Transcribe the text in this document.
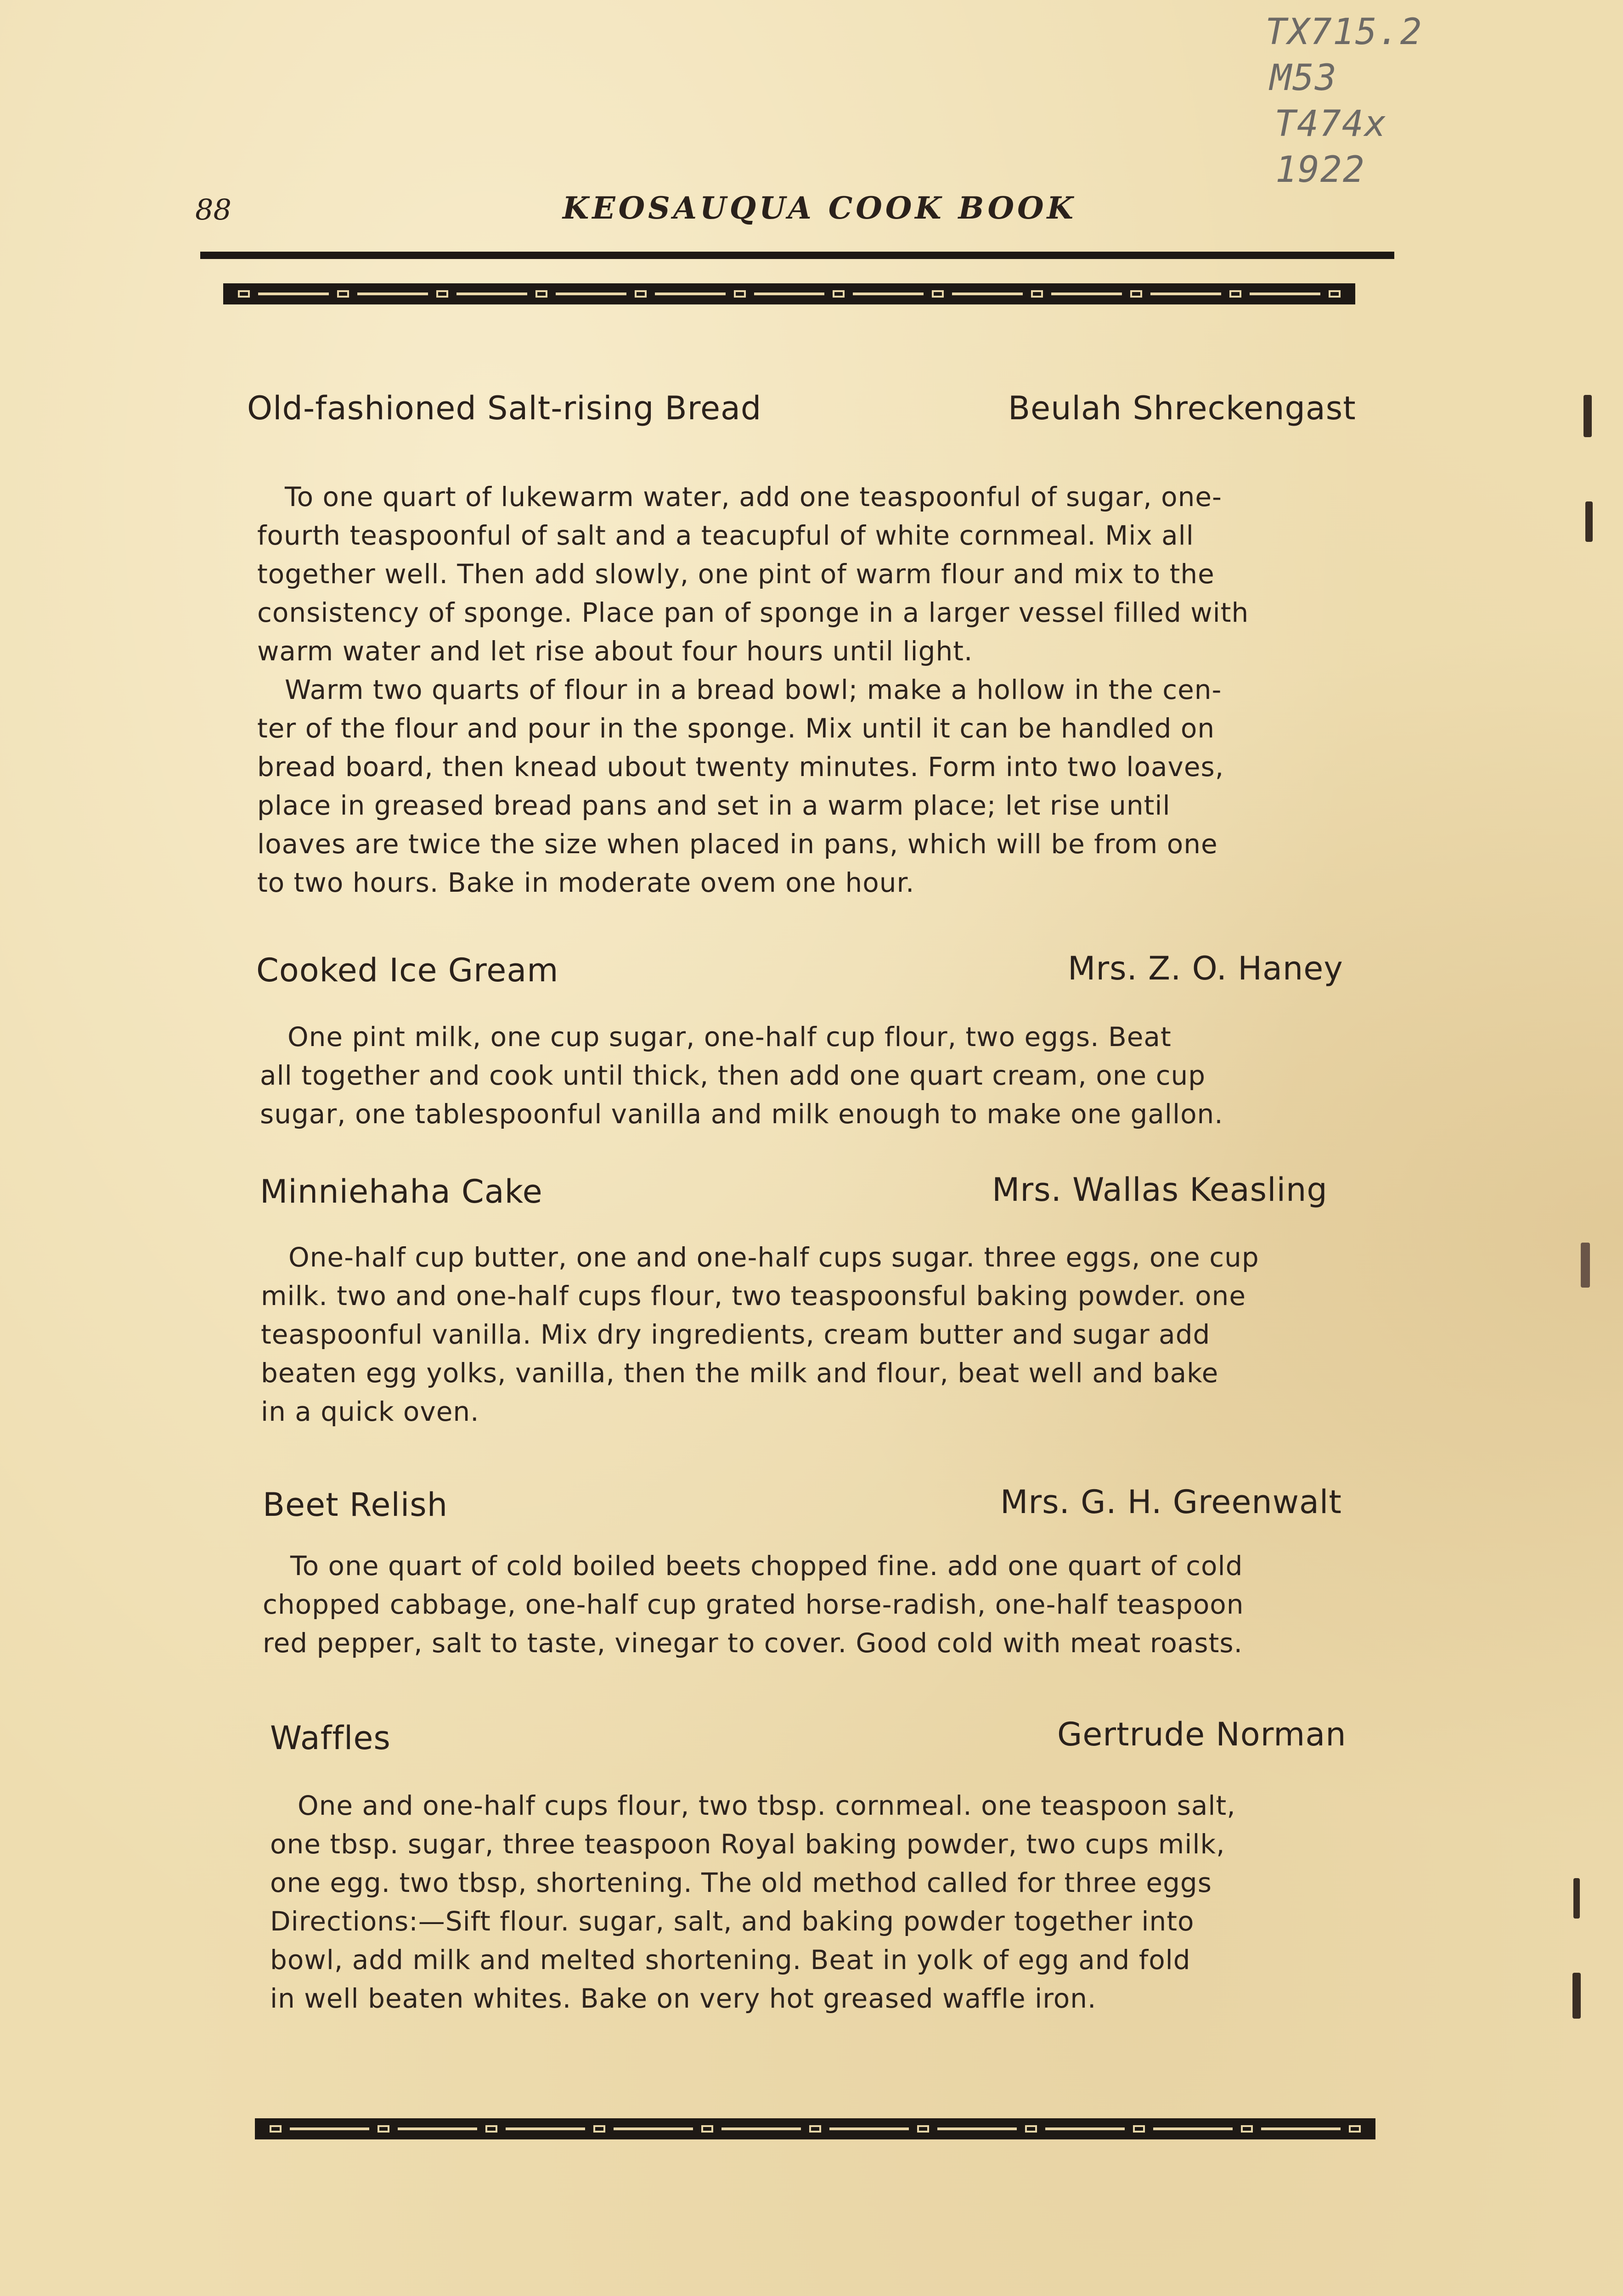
TX715.2
M53
T474x
1922
88	KEOSAUQUA COOK BOOK
Old-fashioned Salt-rising Bread	Beulah Shreckengast
To one quart of lukewarm water, add one teaspoonful of sugar, one-
fourth teaspoonful of salt and a teacupful of white cornmeal. Mix all
together well. Then add slowly, one pint of warm flour and mix to the
consistency of sponge. Place pan of sponge in a larger vessel filled with
warm water and let rise about four hours until light.
Warm two quarts of flour in a bread bowl; make a hollow in the cen-
ter of the flour and pour in the sponge. Mix until it can be handled on
bread board, then knead ubout twenty minutes. Form into two loaves,
place in greased bread pans and set in a warm place; let rise until
loaves are twice the size when placed in pans, which will be from one
to two hours. Bake in moderate ovem one hour.
Cooked Ice Gream	Mrs. Z. O. Haney
One pint milk, one cup sugar, one-half cup flour, two eggs. Beat
all together and cook until thick, then add one quart cream, one cup
sugar, one tablespoonful vanilla and milk enough to make one gallon.
Minniehaha Cake	Mrs. Wallas Keasling
One-half cup butter, one and one-half cups sugar. three eggs, one cup
milk. two and one-half cups flour, two teaspoonsful baking powder. one
teaspoonful vanilla. Mix dry ingredients, cream butter and sugar add
beaten egg yolks, vanilla, then the milk and flour, beat well and bake
in a quick oven.
Beet Relish	Mrs. G. H. Greenwalt
To one quart of cold boiled beets chopped fine. add one quart of cold
chopped cabbage, one-half cup grated horse-radish, one-half teaspoon
red pepper, salt to taste, vinegar to cover. Good cold with meat roasts.
Waffles	Gertrude Norman
One and one-half cups flour, two tbsp. cornmeal. one teaspoon salt,
one tbsp. sugar, three teaspoon Royal baking powder, two cups milk,
one egg. two tbsp, shortening. The old method called for three eggs
Directions:—Sift flour. sugar, salt, and baking powder together into
bowl, add milk and melted shortening. Beat in yolk of egg and fold
in well beaten whites. Bake on very hot greased waffle iron.
